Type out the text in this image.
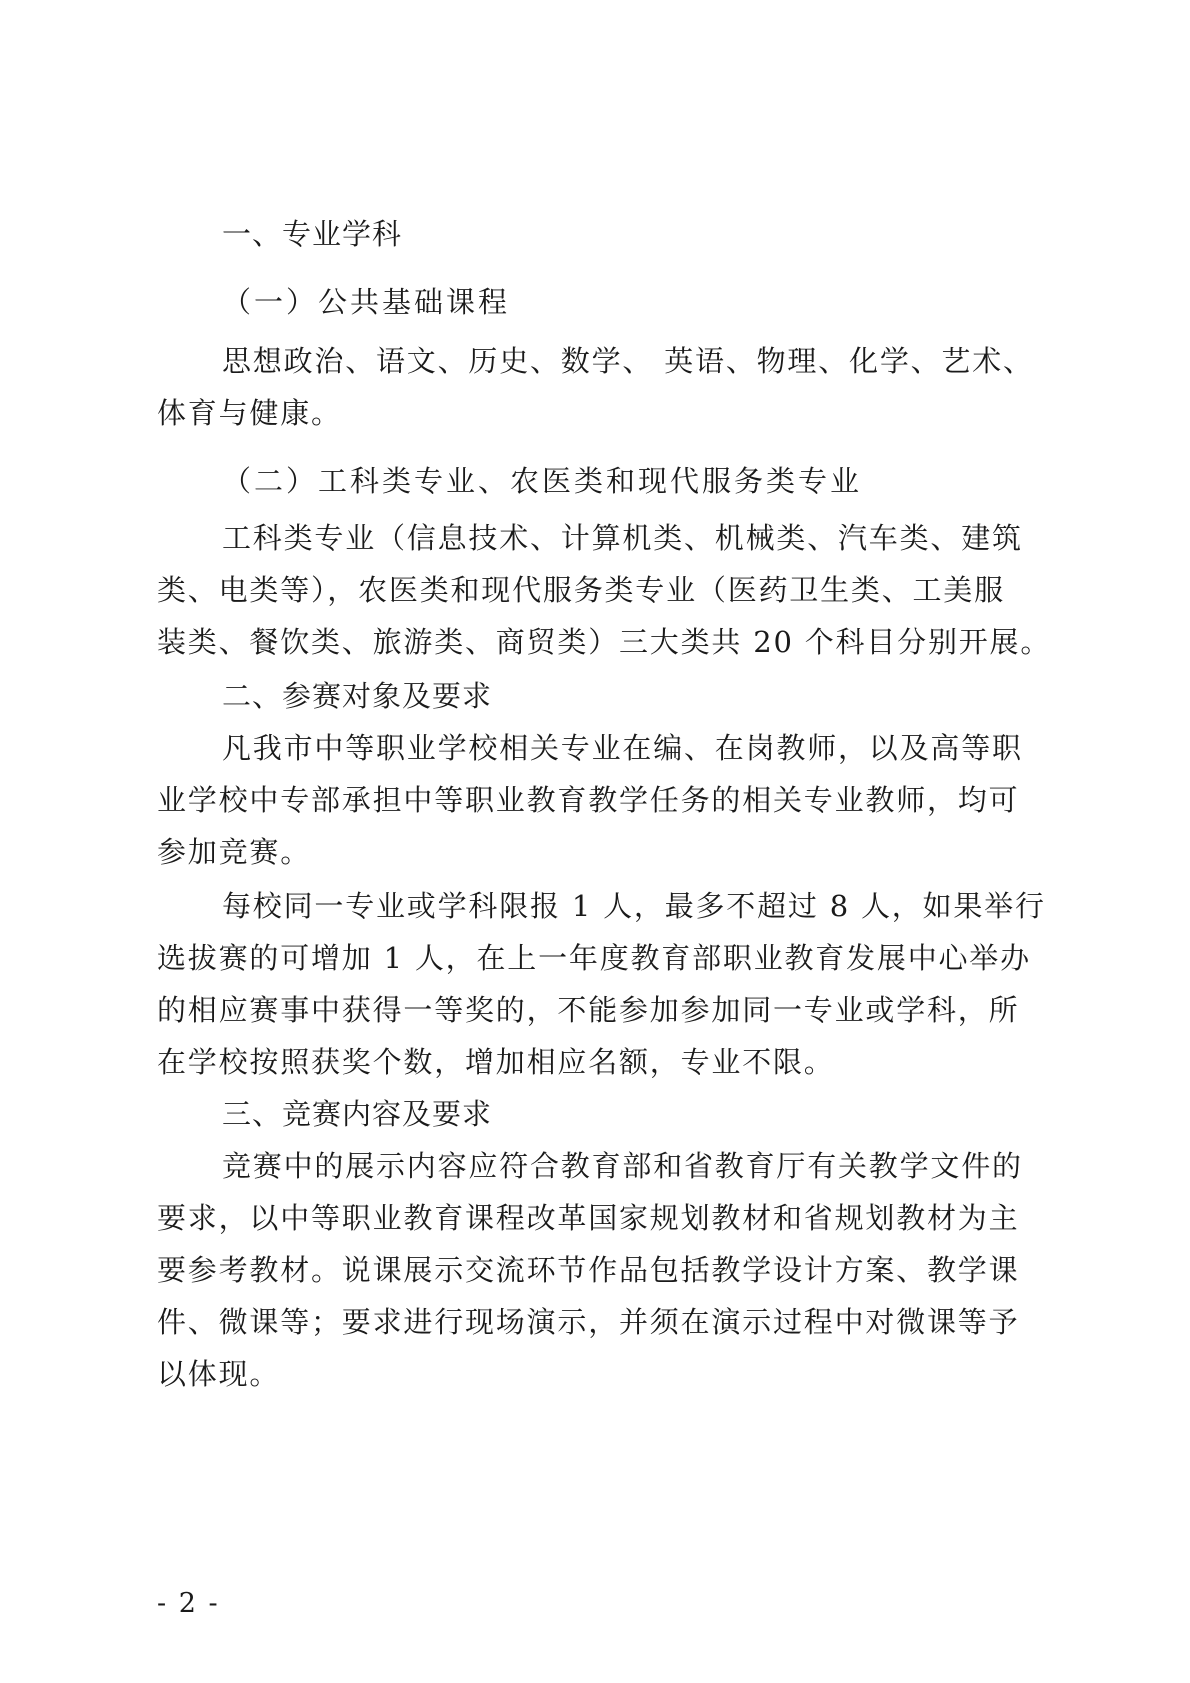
一、专业学科
（一）公共基础课程
思想政治、语文、历史、数学、 英语、物理、化学、艺术、
体育与健康。
（二）工科类专业、农医类和现代服务类专业
工科类专业（信息技术、计算机类、机械类、汽车类、建筑
类、电类等），农医类和现代服务类专业（医药卫生类、工美服
装类、餐饮类、旅游类、商贸类）三大类共 20 个科目分别开展。
二、参赛对象及要求
凡我市中等职业学校相关专业在编、在岗教师，以及高等职
业学校中专部承担中等职业教育教学任务的相关专业教师，均可
参加竞赛。
每校同一专业或学科限报 1 人，最多不超过 8 人，如果举行
选拔赛的可增加 1 人，在上一年度教育部职业教育发展中心举办
的相应赛事中获得一等奖的，不能参加参加同一专业或学科，所
在学校按照获奖个数，增加相应名额，专业不限。
三、竞赛内容及要求
竞赛中的展示内容应符合教育部和省教育厅有关教学文件的
要求，以中等职业教育课程改革国家规划教材和省规划教材为主
要参考教材。说课展示交流环节作品包括教学设计方案、教学课
件、微课等；要求进行现场演示，并须在演示过程中对微课等予
以体现。
- 2 -
